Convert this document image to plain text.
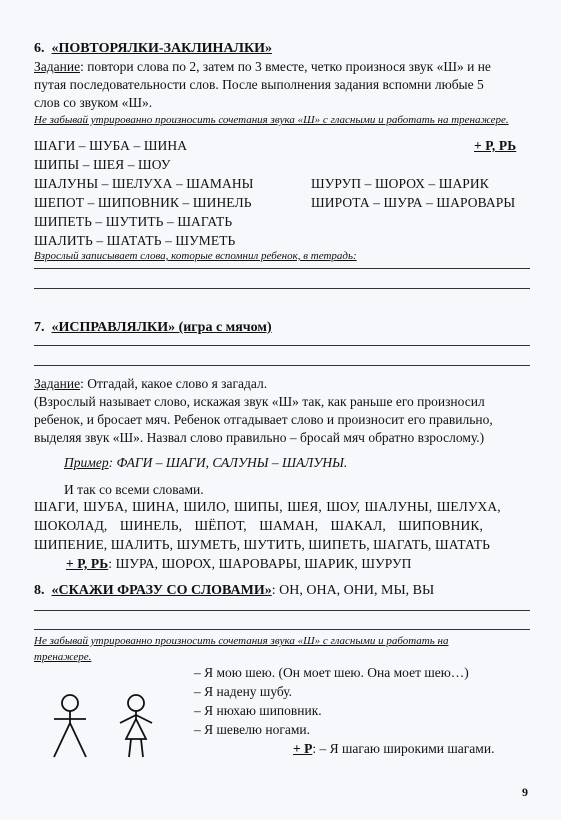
6. «ПОВТОРЯЛКИ-ЗАКЛИНАЛКИ»
Задание: повтори слова по 2, затем по 3 вместе, четко произнося звук «Ш» и не
путая последовательности слов. После выполнения задания вспомни любые 5
слов со звуком «Ш».
Не забывай утрированно произносить сочетания звука «Ш» с гласными и работать на тренажере.
ШАГИ – ШУБА – ШИНА
ШИПЫ – ШЕЯ – ШОУ
ШАЛУНЫ – ШЕЛУХА – ШАМАНЫ
ШЕПОТ – ШИПОВНИК – ШИНЕЛЬ
ШИПЕТЬ – ШУТИТЬ – ШАГАТЬ
ШАЛИТЬ – ШАТАТЬ – ШУМЕТЬ
+ Р, РЬ
ШУРУП – ШОРОХ – ШАРИК
ШИРОТА – ШУРА – ШАРОВАРЫ
Взрослый записывает слова, которые вспомнил ребенок, в тетрадь:
7. «ИСПРАВЛЯЛКИ» (игра с мячом)
Задание: Отгадай, какое слово я загадал.
(Взрослый называет слово, искажая звук «Ш» так, как раньше его произносил
ребенок, и бросает мяч. Ребенок отгадывает слово и произносит его правильно,
выделяя звук «Ш». Назвал слово правильно – бросай мяч обратно взрослому.)
Пример: ФАГИ – ШАГИ, САЛУНЫ – ШАЛУНЫ.
И так со всеми словами.
ШАГИ, ШУБА, ШИНА, ШИЛО, ШИПЫ, ШЕЯ, ШОУ, ШАЛУНЫ, ШЕЛУХА,
ШОКОЛАД, ШИНЕЛЬ, ШЁПОТ, ШАМАН, ШАКАЛ, ШИПОВНИК,
ШИПЕНИЕ, ШАЛИТЬ, ШУМЕТЬ, ШУТИТЬ, ШИПЕТЬ, ШАГАТЬ, ШАТАТЬ
+ Р, РЬ: ШУРА, ШОРОХ, ШАРОВАРЫ, ШАРИК, ШУРУП
8. «СКАЖИ ФРАЗУ СО СЛОВАМИ»: ОН, ОНА, ОНИ, МЫ, ВЫ
Не забывай утрированно произносить сочетания звука «Ш» с гласными и работать на
тренажере.
– Я мою шею. (Он моет шею. Она моет шею…)
– Я надену шубу.
– Я нюхаю шиповник.
– Я шевелю ногами.
+ Р: – Я шагаю широкими шагами.
9
